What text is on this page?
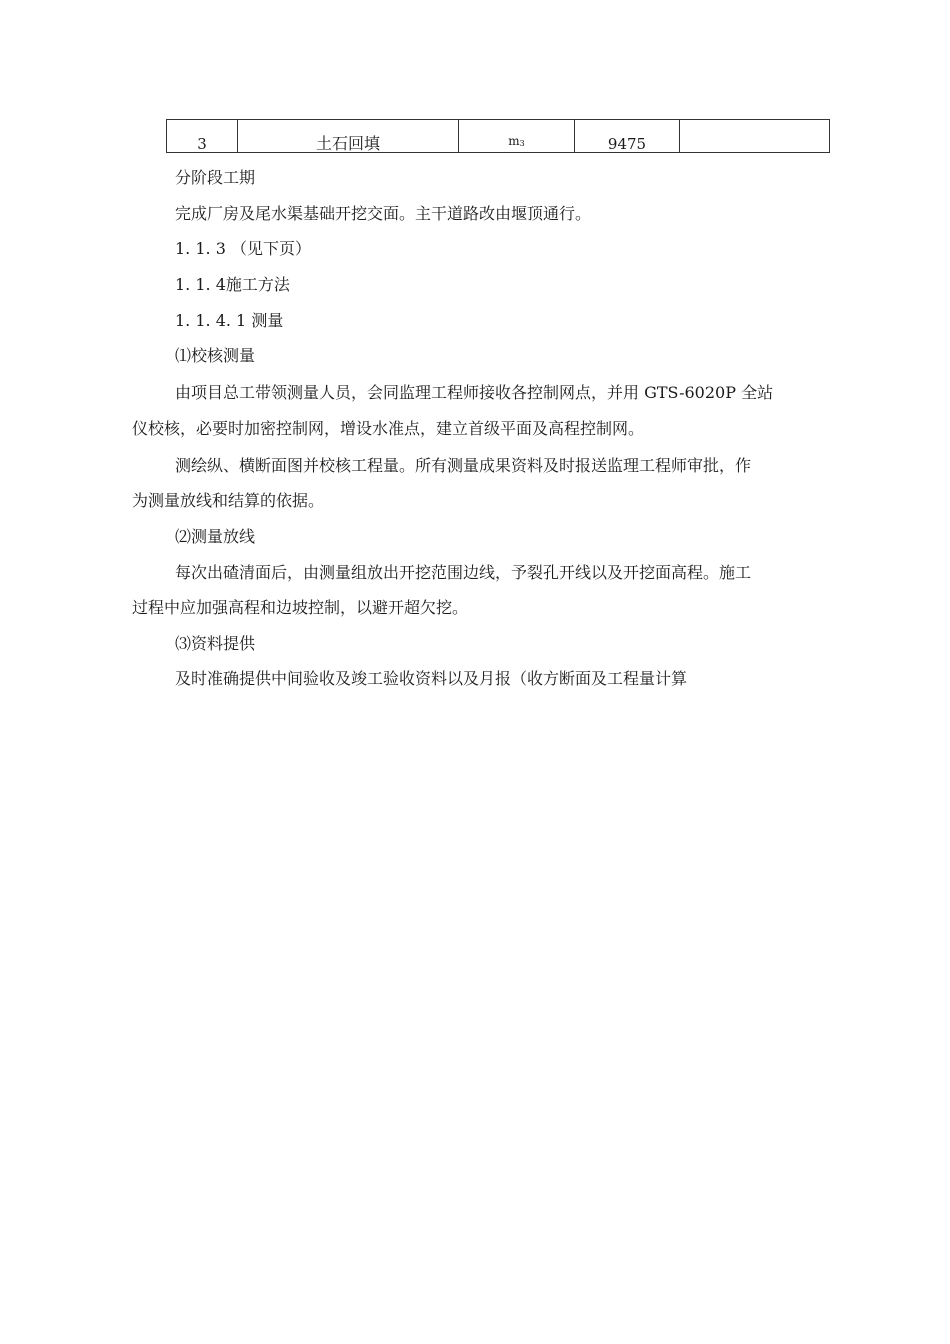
3	土石回填	m3	9475	
分阶段工期
完成厂房及尾水渠基础开挖交面。主干道路改由堰顶通行。
1. 1. 3 （见下页）
1. 1. 4施工方法
1. 1. 4. 1 测量
⑴校核测量
由项目总工带领测量人员，会同监理工程师接收各控制网点，并用 GTS-6020P 全站
仪校核，必要时加密控制网，增设水准点，建立首级平面及高程控制网。
测绘纵、横断面图并校核工程量。所有测量成果资料及时报送监理工程师审批，作
为测量放线和结算的依据。
⑵测量放线
每次出碴清面后，由测量组放出开挖范围边线，予裂孔开线以及开挖面高程。施工
过程中应加强高程和边坡控制，以避开超欠挖。
⑶资料提供
及时准确提供中间验收及竣工验收资料以及月报（收方断面及工程量计算
